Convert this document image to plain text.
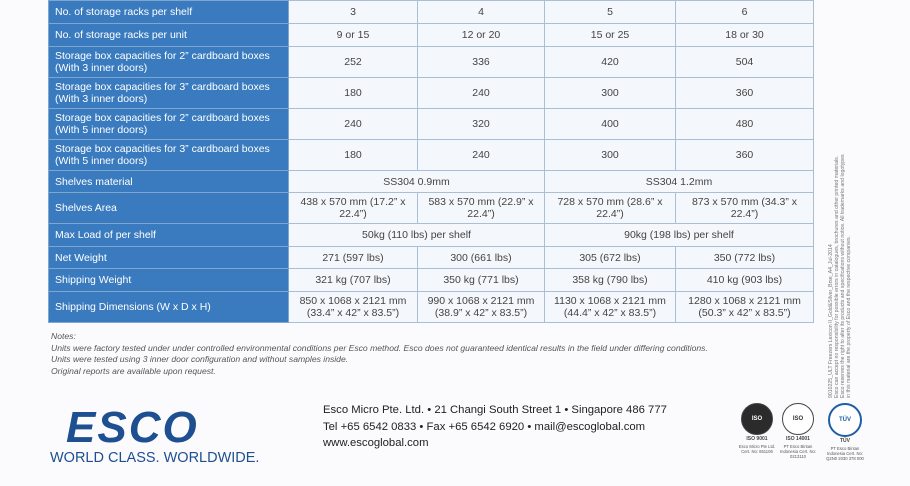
No. of storage racks per shelf	3	4	5	6
No. of storage racks per unit	9 or 15	12 or 20	15 or 25	18 or 30
Storage box capacities for 2” cardboard boxes (With 3 inner doors)	252	336	420	504
Storage box capacities for 3” cardboard boxes (With 3 inner doors)	180	240	300	360
Storage box capacities for 2” cardboard boxes (With 5 inner doors)	240	320	400	480
Storage box capacities for 3” cardboard boxes (With 5 inner doors)	180	240	300	360
Shelves material	SS304 0.9mm		SS304 1.2mm	
Shelves Area	438 x 570 mm (17.2” x 22.4”)	583 x 570 mm (22.9” x 22.4”)	728 x 570 mm (28.6” x 22.4”)	873 x 570 mm (34.3” x 22.4”)
Max Load of per shelf	50kg (110 lbs) per shelf		90kg (198 lbs) per shelf	
Net Weight	271 (597 lbs)	300 (661 lbs)	305 (672 lbs)	350 (772 lbs)
Shipping Weight	321 kg (707 lbs)	350 kg (771 lbs)	358 kg (790 lbs)	410 kg (903 lbs)
Shipping Dimensions (W x D x H)	850 x 1068 x 2121 mm (33.4” x 42” x 83.5”)	990 x 1068 x 2121 mm (38.9” x 42” x 83.5”)	1130 x 1068 x 2121 mm (44.4” x 42” x 83.5”)	1280 x 1068 x 2121 mm (50.3” x 42” x 83.5”)
Notes:
Units were factory tested under under controlled environmental conditions per Esco method. Esco does not guaranteed identical results in the field under differing conditions.
Units were tested using 3 inner door configuration and without samples inside.
Original reports are available upon request.
ESCO
WORLD CLASS. WORLDWIDE.
Esco Micro Pte. Ltd. • 21 Changi South Street 1 • Singapore 486 777
Tel +65 6542 0833 • Fax +65 6542 6920 • mail@escoglobal.com
www.escoglobal.com
9010225_ULT Freezers Lexicon II_Gold&Silver_Brse_A4_Jul-2014 Esco can accept no responsibility for possible errors in catalogues, brochures and other printed materials. Esco reserves the right to alter its products and specifications without notice. All trademarks and logotypes in this material are the property of Esco and the respective companies.
ISO
ISO 9001
Esco Micro Pte Ltd. Cert. No: 651106
ISO
ISO 14001
PT Esco Bintan Indonesia Cert. No: 0213110
TÜV
TÜV
PT Esco Bintan Indonesia Cert. No: Q2N0 2030 378 000
